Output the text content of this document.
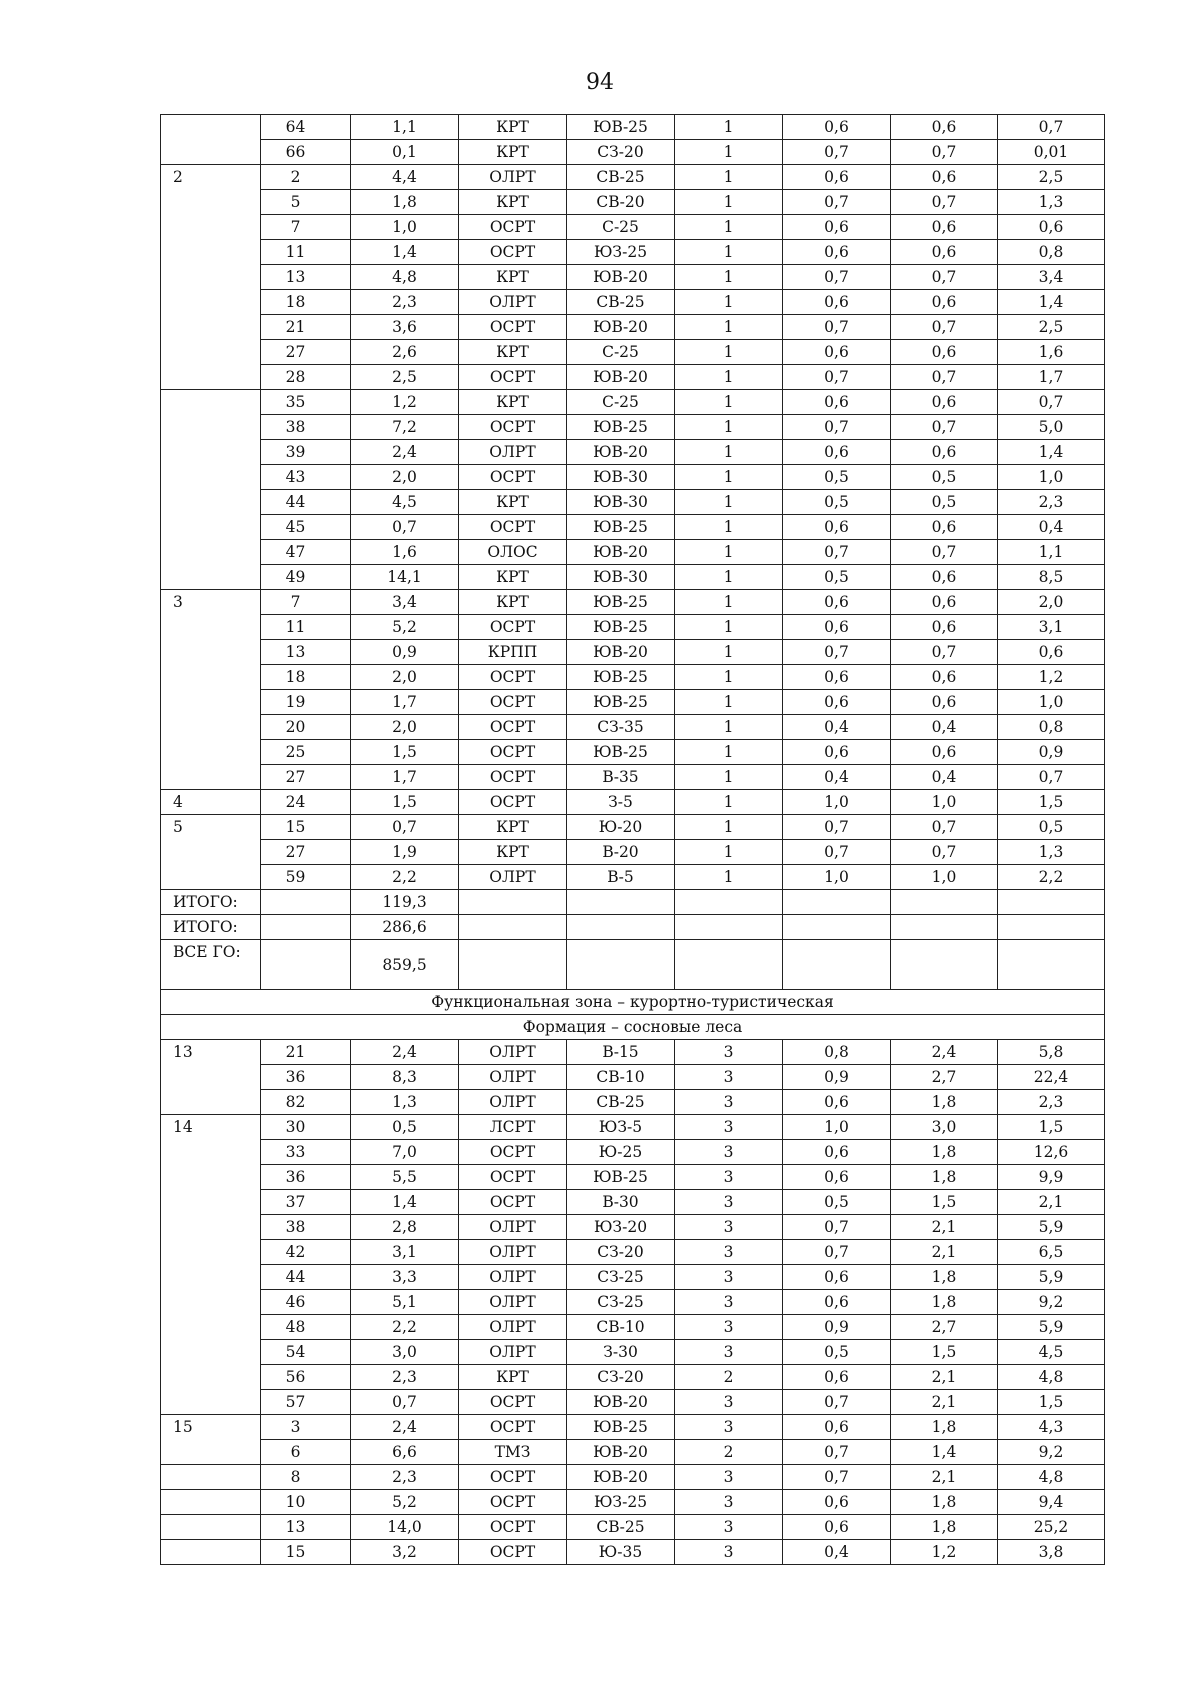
94
	64	1,1	КРТ	ЮВ-25	1	0,6	0,6	0,7
	66	0,1	КРТ	СЗ-20	1	0,7	0,7	0,01
2	2	4,4	ОЛРТ	СВ-25	1	0,6	0,6	2,5
	5	1,8	КРТ	СВ-20	1	0,7	0,7	1,3
	7	1,0	ОСРТ	С-25	1	0,6	0,6	0,6
	11	1,4	ОСРТ	ЮЗ-25	1	0,6	0,6	0,8
	13	4,8	КРТ	ЮВ-20	1	0,7	0,7	3,4
	18	2,3	ОЛРТ	СВ-25	1	0,6	0,6	1,4
	21	3,6	ОСРТ	ЮВ-20	1	0,7	0,7	2,5
	27	2,6	КРТ	С-25	1	0,6	0,6	1,6
	28	2,5	ОСРТ	ЮВ-20	1	0,7	0,7	1,7
	35	1,2	КРТ	С-25	1	0,6	0,6	0,7
	38	7,2	ОСРТ	ЮВ-25	1	0,7	0,7	5,0
	39	2,4	ОЛРТ	ЮВ-20	1	0,6	0,6	1,4
	43	2,0	ОСРТ	ЮВ-30	1	0,5	0,5	1,0
	44	4,5	КРТ	ЮВ-30	1	0,5	0,5	2,3
	45	0,7	ОСРТ	ЮВ-25	1	0,6	0,6	0,4
	47	1,6	ОЛОС	ЮВ-20	1	0,7	0,7	1,1
	49	14,1	КРТ	ЮВ-30	1	0,5	0,6	8,5
3	7	3,4	КРТ	ЮВ-25	1	0,6	0,6	2,0
	11	5,2	ОСРТ	ЮВ-25	1	0,6	0,6	3,1
	13	0,9	КРПП	ЮВ-20	1	0,7	0,7	0,6
	18	2,0	ОСРТ	ЮВ-25	1	0,6	0,6	1,2
	19	1,7	ОСРТ	ЮВ-25	1	0,6	0,6	1,0
	20	2,0	ОСРТ	СЗ-35	1	0,4	0,4	0,8
	25	1,5	ОСРТ	ЮВ-25	1	0,6	0,6	0,9
	27	1,7	ОСРТ	В-35	1	0,4	0,4	0,7
4	24	1,5	ОСРТ	З-5	1	1,0	1,0	1,5
5	15	0,7	КРТ	Ю-20	1	0,7	0,7	0,5
	27	1,9	КРТ	В-20	1	0,7	0,7	1,3
	59	2,2	ОЛРТ	В-5	1	1,0	1,0	2,2
ИТОГО:		119,3						
ИТОГО:		286,6						
ВСЕ ГО:		859,5						
Функциональная зона – курортно-туристическая								
Формация – сосновые леса								
13	21	2,4	ОЛРТ	В-15	3	0,8	2,4	5,8
	36	8,3	ОЛРТ	СВ-10	3	0,9	2,7	22,4
	82	1,3	ОЛРТ	СВ-25	3	0,6	1,8	2,3
14	30	0,5	ЛСРТ	ЮЗ-5	3	1,0	3,0	1,5
	33	7,0	ОСРТ	Ю-25	3	0,6	1,8	12,6
	36	5,5	ОСРТ	ЮВ-25	3	0,6	1,8	9,9
	37	1,4	ОСРТ	В-30	3	0,5	1,5	2,1
	38	2,8	ОЛРТ	ЮЗ-20	3	0,7	2,1	5,9
	42	3,1	ОЛРТ	СЗ-20	3	0,7	2,1	6,5
	44	3,3	ОЛРТ	СЗ-25	3	0,6	1,8	5,9
	46	5,1	ОЛРТ	СЗ-25	3	0,6	1,8	9,2
	48	2,2	ОЛРТ	СВ-10	3	0,9	2,7	5,9
	54	3,0	ОЛРТ	З-30	3	0,5	1,5	4,5
	56	2,3	КРТ	СЗ-20	2	0,6	2,1	4,8
	57	0,7	ОСРТ	ЮВ-20	3	0,7	2,1	1,5
15	3	2,4	ОСРТ	ЮВ-25	3	0,6	1,8	4,3
	6	6,6	ТМЗ	ЮВ-20	2	0,7	1,4	9,2
	8	2,3	ОСРТ	ЮВ-20	3	0,7	2,1	4,8
	10	5,2	ОСРТ	ЮЗ-25	3	0,6	1,8	9,4
	13	14,0	ОСРТ	СВ-25	3	0,6	1,8	25,2
	15	3,2	ОСРТ	Ю-35	3	0,4	1,2	3,8
